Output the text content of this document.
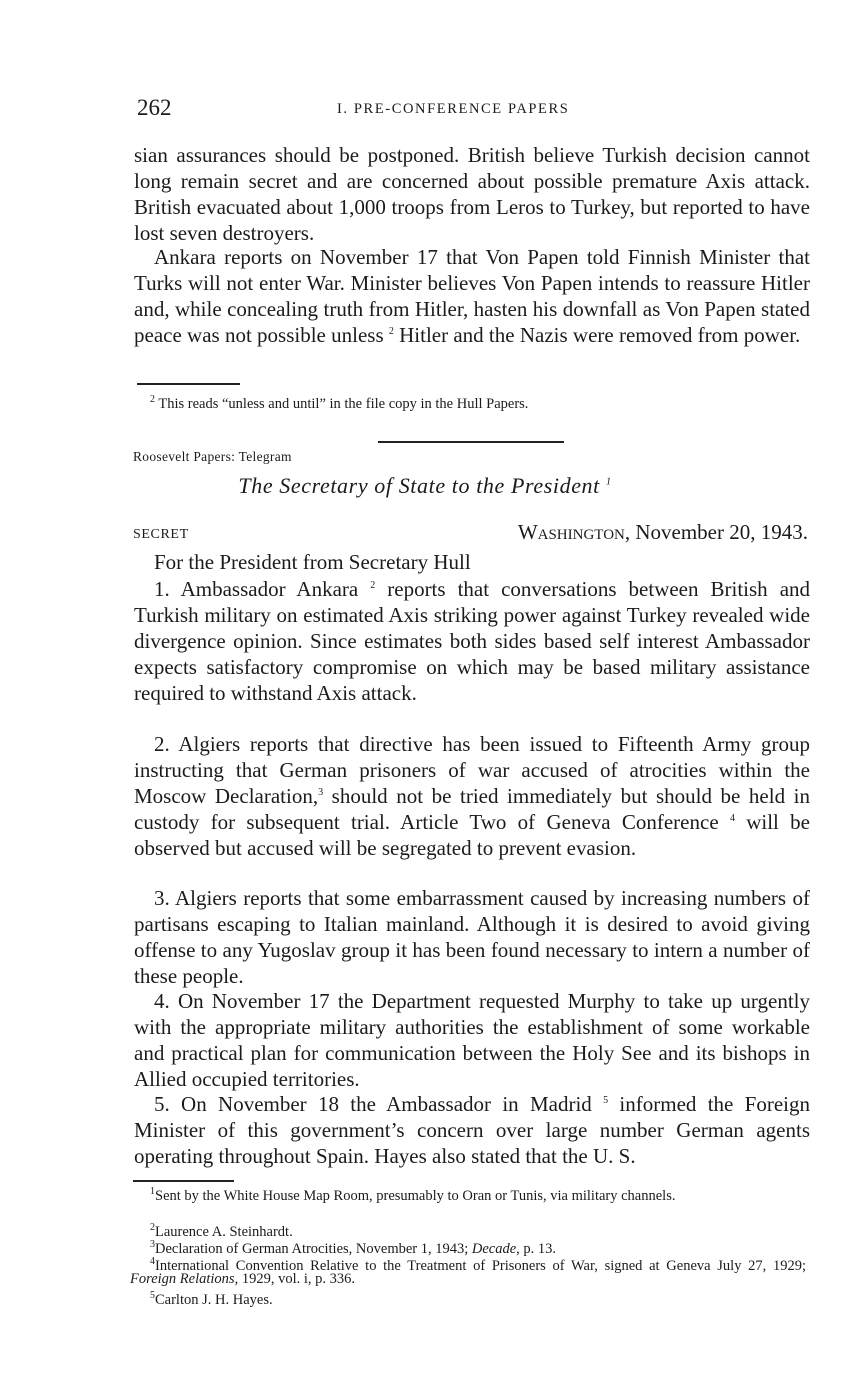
262	I. PRE-CONFERENCE PAPERS

sian assurances should be postponed. British believe Turkish decision cannot long remain secret and are concerned about possible premature Axis attack. British evacuated about 1,000 troops from Leros to Turkey, but reported to have lost seven destroyers.

Ankara reports on November 17 that Von Papen told Finnish Minister that Turks will not enter War. Minister believes Von Papen intends to reassure Hitler and, while concealing truth from Hitler, hasten his downfall as Von Papen stated peace was not possible unless $^2$ Hitler and the Nazis were removed from power.

$^2$ This reads “unless and until” in the file copy in the Hull Papers.

Roosevelt Papers: Telegram
The Secretary of State to the President $^1$
SECRET	Washington, November 20, 1943.

For the President from Secretary Hull

1. Ambassador Ankara $^2$ reports that conversations between British and Turkish military on estimated Axis striking power against Turkey revealed wide divergence opinion. Since estimates both sides based self interest Ambassador expects satisfactory compromise on which may be based military assistance required to withstand Axis attack.

2. Algiers reports that directive has been issued to Fifteenth Army group instructing that German prisoners of war accused of atrocities within the Moscow Declaration,$^3$ should not be tried immediately but should be held in custody for subsequent trial. Article Two of Geneva Conference $^4$ will be observed but accused will be segregated to prevent evasion.

3. Algiers reports that some embarrassment caused by increasing numbers of partisans escaping to Italian mainland. Although it is desired to avoid giving offense to any Yugoslav group it has been found necessary to intern a number of these people.

4. On November 17 the Department requested Murphy to take up urgently with the appropriate military authorities the establishment of some workable and practical plan for communication between the Holy See and its bishops in Allied occupied territories.

5. On November 18 the Ambassador in Madrid $^5$ informed the Foreign Minister of this government’s concern over large number German agents operating throughout Spain. Hayes also stated that the U. S.

$^1$Sent by the White House Map Room, presumably to Oran or Tunis, via military channels.

$^2$Laurence A. Steinhardt.

$^3$Declaration of German Atrocities, November 1, 1943; Decade, p. 13.

$^4$International Convention Relative to the Treatment of Prisoners of War, signed at Geneva July 27, 1929; Foreign Relations, 1929, vol. i, p. 336.

$^5$Carlton J. H. Hayes.
